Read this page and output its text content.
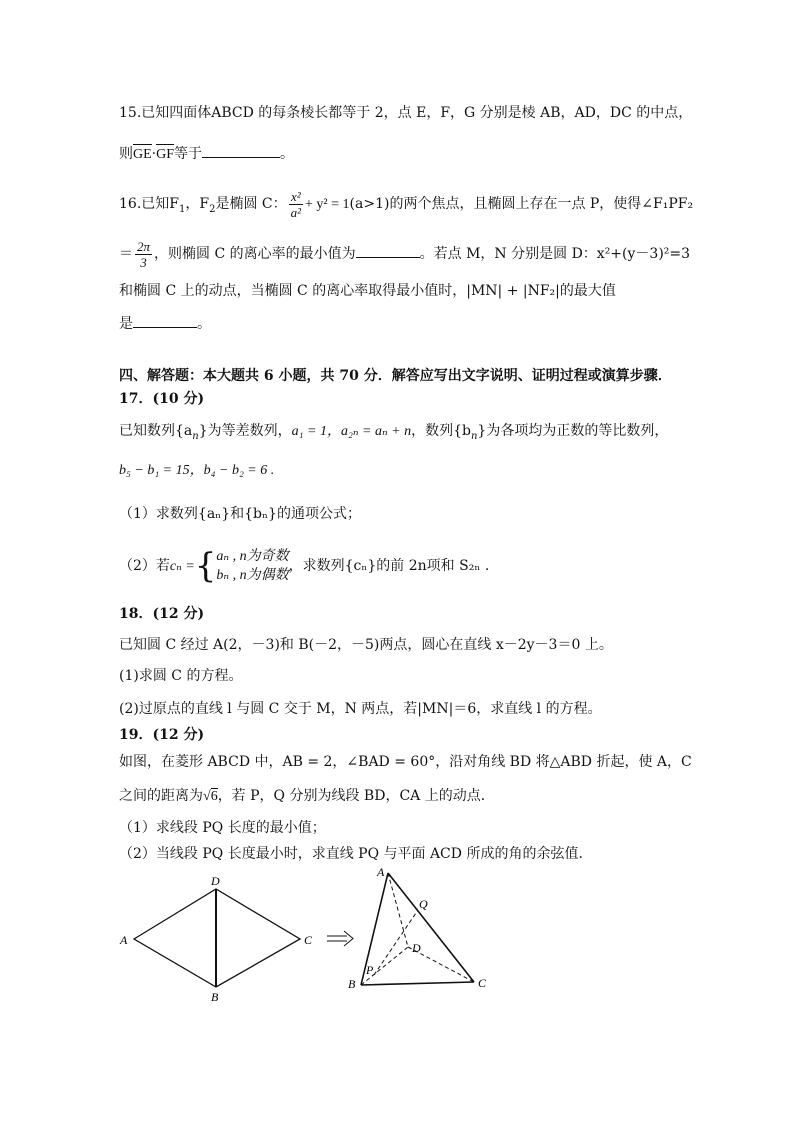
15.已知四面体ABCD 的每条棱长都等于 2，点 E，F，G 分别是棱 AB，AD，DC 的中点，
则GE·GF等于	。
16.已知$F_1$，$F_2$是椭圆 C： $\frac{\text{x²}}{\text{a²}} + y^2 = 1(a>1)$的两个焦点，且椭圆上存在一点 P，使得∠F₁PF₂
＝ $\frac{2\pi}{3}$ ，则椭圆 C 的离心率的最小值为	。若点 M，N 分别是圆 D：x²+(y－3)²=3
和椭圆 C 上的动点，当椭圆 C 的离心率取得最小值时，|MN| + |NF₂|的最大值
是	。
四、解答题：本大题共 6 小题，共 70 分．解答应写出文字说明、证明过程或演算步骤．
17．(10 分)
已知数列$\{a_n\}$为等差数列，a₁ = 1，a₂ₙ = aₙ + n，数列$\{b_n\}$为各项均为正数的等比数列，
b₅ − b₁ = 15，b₄ − b₂ = 6 .
（1）求数列{aₙ}和{bₙ}的通项公式；
（2）若cₙ ={ aₙ , n为奇数
bₙ , n为偶数
，求数列{cₙ}的前 2n项和 S₂ₙ .
18．(12 分)
已知圆 C 经过 A(2，－3)和 B(－2，－5)两点，圆心在直线 x－2y－3＝0 上。
(1)求圆 C 的方程。
(2)过原点的直线 l 与圆 C 交于 M，N 两点，若|MN|＝6，求直线 l 的方程。
19．(12 分)
如图，在菱形 ABCD 中，AB = 2，∠BAD = 60°，沿对角线 BD 将△ABD 折起，使 A，C
之间的距离为√6，若 P，Q 分别为线段 BD，CA 上的动点．
（1）求线段 PQ 长度的最小值；
（2）当线段 PQ 长度最小时，求直线 PQ 与平面 ACD 所成的角的余弦值．
A
B
C
D
A
B	C
D
P
Q
